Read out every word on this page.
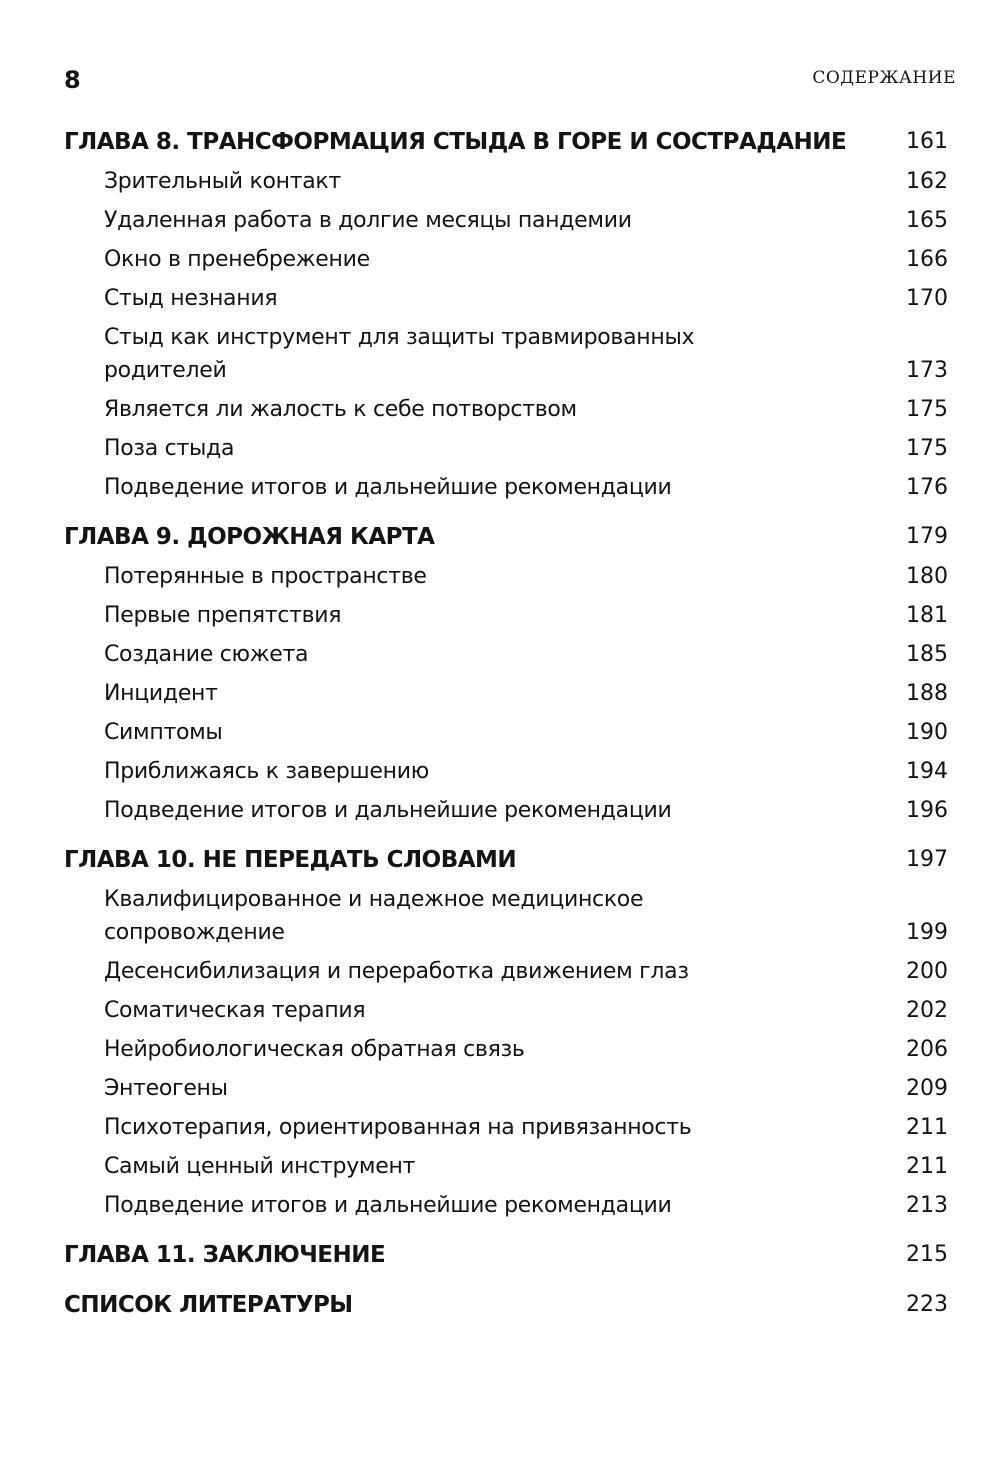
8	СОДЕРЖАНИЕ
ГЛАВА 8. ТРАНСФОРМАЦИЯ СТЫДА В ГОРЕ И СОСТРАДАНИЕ	161
Зрительный контакт	162
Удаленная работа в долгие месяцы пандемии	165
Окно в пренебрежение	166
Стыд незнания	170
Стыд как инструмент для защиты травмированных родителей	173
Является ли жалость к себе потворством	175
Поза стыда	175
Подведение итогов и дальнейшие рекомендации	176
ГЛАВА 9. ДОРОЖНАЯ КАРТА	179
Потерянные в пространстве	180
Первые препятствия	181
Создание сюжета	185
Инцидент	188
Симптомы	190
Приближаясь к завершению	194
Подведение итогов и дальнейшие рекомендации	196
ГЛАВА 10. НЕ ПЕРЕДАТЬ СЛОВАМИ	197
Квалифицированное и надежное медицинское сопровождение	199
Десенсибилизация и переработка движением глаз	200
Соматическая терапия	202
Нейробиологическая обратная связь	206
Энтеогены	209
Психотерапия, ориентированная на привязанность	211
Самый ценный инструмент	211
Подведение итогов и дальнейшие рекомендации	213
ГЛАВА 11. ЗАКЛЮЧЕНИЕ	215
СПИСОК ЛИТЕРАТУРЫ	223
